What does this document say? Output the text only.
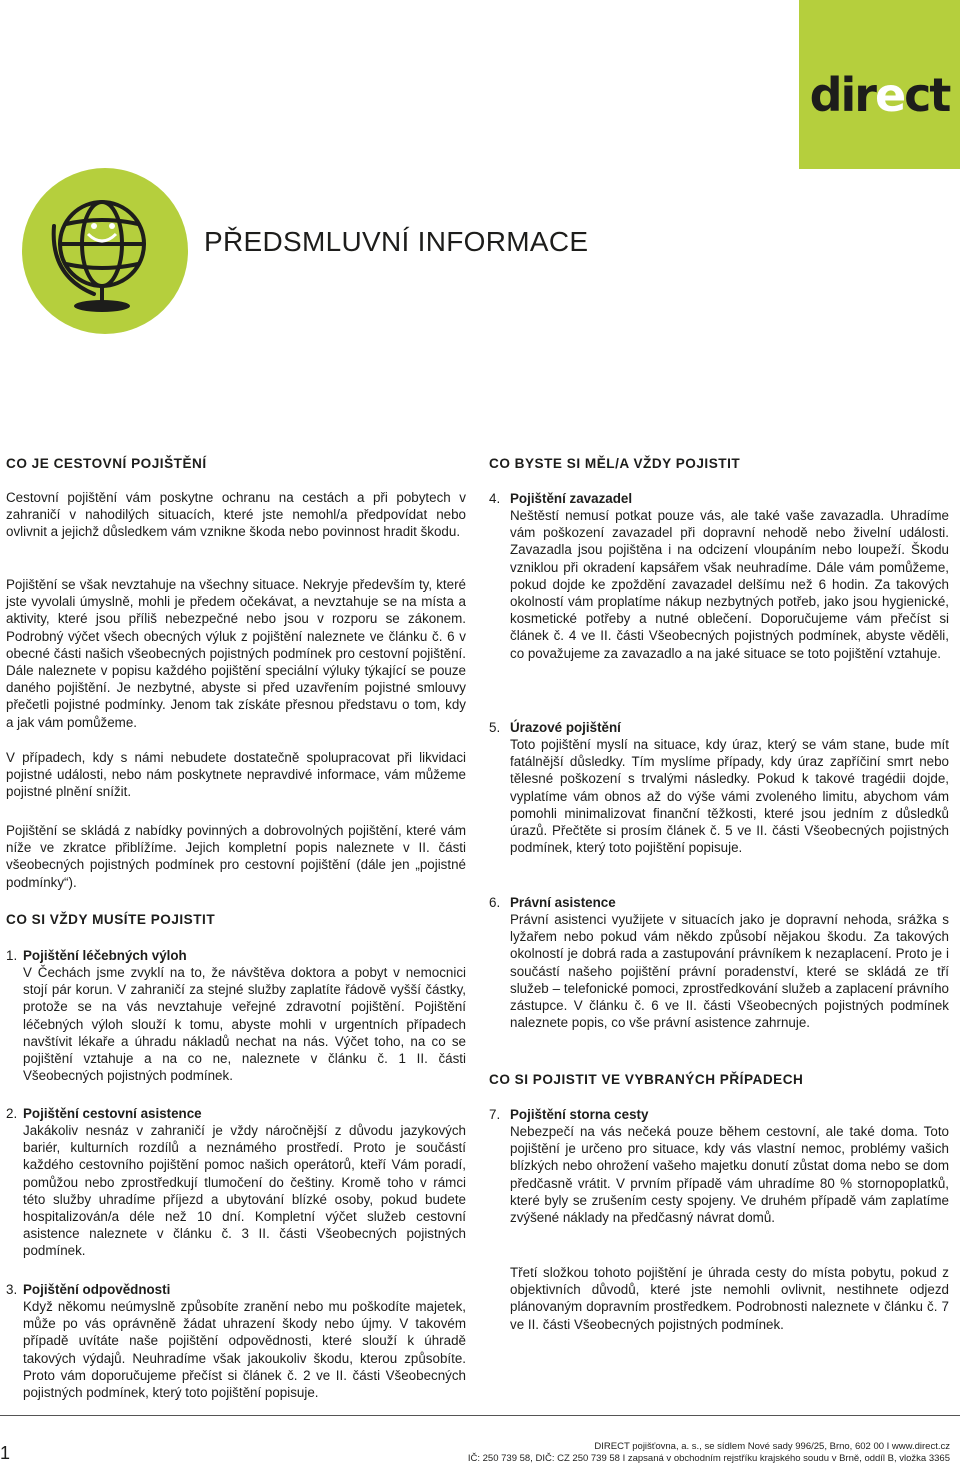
direct
PŘEDSMLUVNÍ INFORMACE
CO JE CESTOVNÍ POJIŠTĚNÍ

Cestovní pojištění vám poskytne ochranu na cestách a při pobytech v zahraničí v nahodilých situacích, které jste nemohl/a předpovídat nebo ovlivnit a jejichž důsledkem vám vznikne škoda nebo povinnost hradit škodu.

Pojištění se však nevztahuje na všechny situace. Nekryje především ty, které jste vyvolali úmyslně, mohli je předem očekávat, a nevztahuje se na místa a aktivity, které jsou příliš nebezpečné nebo jsou v rozporu se zákonem. Podrobný výčet všech obecných výluk z pojištění naleznete ve článku č. 6 v obecné části našich všeobecných pojistných podmínek pro cestovní pojištění. Dále naleznete v popisu každého pojištění speciální výluky týkající se pouze daného pojištění. Je nezbytné, abyste si před uzavřením pojistné smlouvy přečetli pojistné podmínky. Jenom tak získáte přesnou představu o tom, kdy a jak vám pomůžeme.

V případech, kdy s námi nebudete dostatečně spolupracovat při likvidaci pojistné události, nebo nám poskytnete nepravdivé informace, vám můžeme pojistné plnění snížit.

Pojištění se skládá z nabídky povinných a dobrovolných pojištění, které vám níže ve zkratce přiblížíme. Jejich kompletní popis naleznete v II. části všeobecných pojistných podmínek pro cestovní pojištění (dále jen „pojistné podmínky“).

CO SI VŽDY MUSÍTE POJISTIT
1. Pojištění léčebných výloh

V Čechách jsme zvyklí na to, že návštěva doktora a pobyt v nemocnici stojí pár korun. V zahraničí za stejné služby zaplatíte řádově vyšší částky, protože se na vás nevztahuje veřejné zdravotní pojištění. Pojištění léčebných výloh slouží k tomu, abyste mohli v urgentních případech navštívit lékaře a úhradu nákladů nechat na nás. Výčet toho, na co se pojištění vztahuje a na co ne, naleznete v článku č. 1 II. části Všeobecných pojistných podmínek.

2. Pojištění cestovní asistence

Jakákoliv nesnáz v zahraničí je vždy náročnější z důvodu jazykových bariér, kulturních rozdílů a neznámého prostředí. Proto je součástí každého cestovního pojištění pomoc našich operátorů, kteří Vám poradí, pomůžou nebo zprostředkují tlumočení do češtiny. Kromě toho v rámci této služby uhradíme příjezd a ubytování blízké osoby, pokud budete hospitalizován/a déle než 10 dní. Kompletní výčet služeb cestovní asistence naleznete v článku č. 3 II. části Všeobecných pojistných podmínek.

3. Pojištění odpovědnosti

Když někomu neúmyslně způsobíte zranění nebo mu poškodíte majetek, může po vás oprávněně žádat uhrazení škody nebo újmy. V takovém případě uvítáte naše pojištění odpovědnosti, které slouží k úhradě takových výdajů. Neuhradíme však jakoukoliv škodu, kterou způsobíte. Proto vám doporučujeme přečíst si článek č. 2 ve II. části Všeobecných pojistných podmínek, který toto pojištění popisuje.

CO BYSTE SI MĚL/A VŽDY POJISTIT
4. Pojištění zavazadel

Neštěstí nemusí potkat pouze vás, ale také vaše zavazadla. Uhradíme vám poškození zavazadel při dopravní nehodě nebo živelní události. Zavazadla jsou pojištěna i na odcizení vloupáním nebo loupeží. Škodu vzniklou při okradení kapsářem však neuhradíme. Dále vám pomůžeme, pokud dojde ke zpoždění zavazadel delšímu než 6 hodin. Za takových okolností vám proplatíme nákup nezbytných potřeb, jako jsou hygienické, kosmetické potřeby a nutné oblečení. Doporučujeme vám přečíst si článek č. 4 ve II. části Všeobecných pojistných podmínek, abyste věděli, co považujeme za zavazadlo a na jaké situace se toto pojištění vztahuje.

5. Úrazové pojištění

Toto pojištění myslí na situace, kdy úraz, který se vám stane, bude mít fatálnější důsledky. Tím myslíme případy, kdy úraz zapříčiní smrt nebo tělesné poškození s trvalými následky. Pokud k takové tragédii dojde, vyplatíme vám obnos až do výše vámi zvoleného limitu, abychom vám pomohli minimalizovat finanční těžkosti, které jsou jedním z důsledků úrazů. Přečtěte si prosím článek č. 5 ve II. části Všeobecných pojistných podmínek, který toto pojištění popisuje.

6. Právní asistence

Právní asistenci využijete v situacích jako je dopravní nehoda, srážka s lyžařem nebo pokud vám někdo způsobí nějakou škodu. Za takových okolností je dobrá rada a zastupování právníkem k nezaplacení. Proto je i součástí našeho pojištění právní poradenství, které se skládá ze tří služeb – telefonické pomoci, zprostředkování služeb a zaplacení právního zástupce. V článku č. 6 ve II. části Všeobecných pojistných podmínek naleznete popis, co vše právní asistence zahrnuje.

CO SI POJISTIT VE VYBRANÝCH PŘÍPADECH
7. Pojištění storna cesty

Nebezpečí na vás nečeká pouze během cestovní, ale také doma. Toto pojištění je určeno pro situace, kdy vás vlastní nemoc, problémy vašich blízkých nebo ohrožení vašeho majetku donutí zůstat doma nebo se dom předčasně vrátit. V prvním případě vám uhradíme 80 % stornopoplatků, které byly se zrušením cesty spojeny. Ve druhém případě vám zaplatíme zvýšené náklady na předčasný návrat domů.

Třetí složkou tohoto pojištění je úhrada cesty do místa pobytu, pokud z objektivních důvodů, které jste nemohli ovlivnit, nestihnete odjezd plánovaným dopravním prostředkem. Podrobnosti naleznete v článku č. 7 ve II. části Všeobecných pojistných podmínek.

1	DIRECT pojišťovna, a. s., se sídlem Nové sady 996/25, Brno, 602 00 I www.direct.cz
IČ: 250 739 58, DIČ: CZ 250 739 58 I zapsaná v obchodním rejstříku krajského soudu v Brně, oddíl B, vložka 3365
